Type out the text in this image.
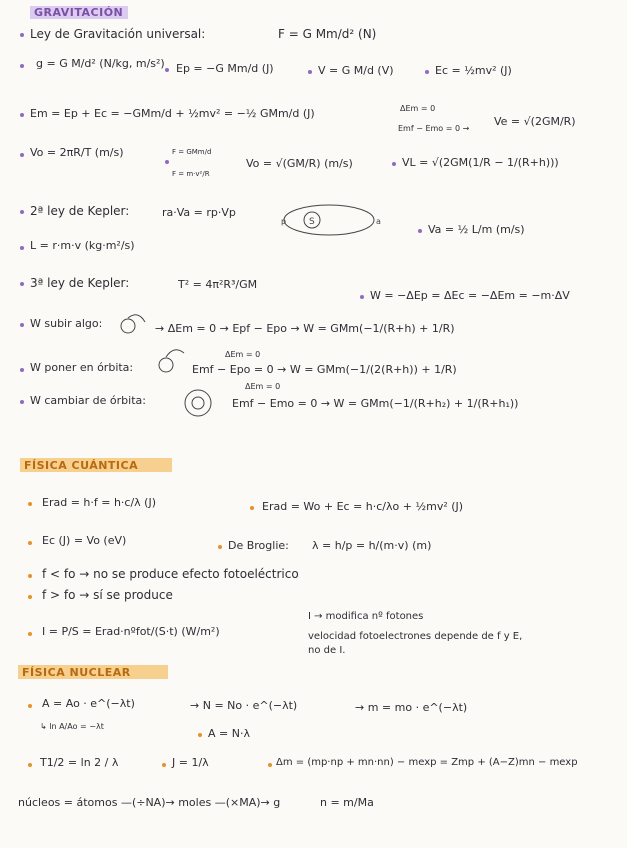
GRAVITACIÓN
Ley de Gravitación universal:	F = G Mm/d² (N)
g = G M/d² (N/kg, m/s²) Ep = −G Mm/d (J)	V = G M/d (V)	Ec = ½mv² (J)
Em = Ep + Ec = −GMm/d + ½mv² = −½ GMm/d (J)	ΔEm = 0
Emf − Emo = 0 →
Ve = √(2GM/R)
Vo = 2πR/T (m/s)	F = GMm/d
F = m·v²/R
Vo = √(GM/R) (m/s)	VL = √(2GM(1/R − 1/(R+h)))
2ª ley de Kepler:	ra·Va = rp·Vp
S
p	a
Va = ½ L/m (m/s)
L = r·m·v (kg·m²/s)
3ª ley de Kepler:	T² = 4π²R³/GM
W = −ΔEp = ΔEc = −ΔEm = −m·ΔV
W subir algo:	→ ΔEm = 0 → Epf − Epo → W = GMm(−1/(R+h) + 1/R)
W poner en órbita:
ΔEm = 0
Emf − Epo = 0 → W = GMm(−1/(2(R+h)) + 1/R)
W cambiar de órbita:
ΔEm = 0
Emf − Emo = 0 → W = GMm(−1/(R+h₂) + 1/(R+h₁))
FÍSICA CUÁNTICA
Erad = h·f = h·c/λ (J)	Erad = Wo + Ec = h·c/λo + ½mv² (J)
Ec (J) = Vo (eV)	De Broglie: λ = h/p = h/(m·v) (m)
f < fo → no se produce efecto fotoeléctrico
f > fo → sí se produce
I = P/S = Erad·nºfot/(S·t) (W/m²)
I → modifica nº fotones
velocidad fotoelectrones depende de f y E,
no de I.
FÍSICA NUCLEAR
A = Ao · e^(−λt)	→ N = No · e^(−λt)	→ m = mo · e^(−λt)
↳ ln A/Ao = −λt
A = N·λ
T1/2 = ln 2 / λ	J = 1/λ	Δm = (mp·np + mn·nn) − mexp = Zmp + (A−Z)mn − mexp
núcleos = átomos —(÷NA)→ moles —(×MA)→ g	n = m/Ma
